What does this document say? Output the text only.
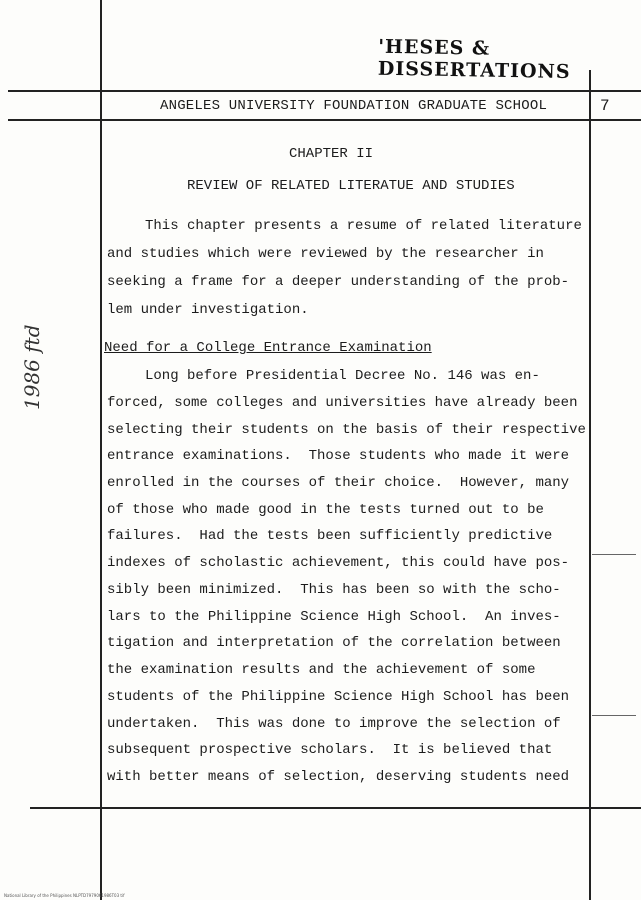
'HESES & DISSERTATIONS
ANGELES UNIVERSITY FOUNDATION GRADUATE SCHOOL	7
CHAPTER II
REVIEW OF RELATED LITERATUE AND STUDIES
This chapter presents a resume of related literature
and studies which were reviewed by the researcher in
seeking a frame for a deeper understanding of the prob-
lem under investigation.
Need for a College Entrance Examination
Long before Presidential Decree No. 146 was en-
forced, some colleges and universities have already been
selecting their students on the basis of their respective
entrance examinations.  Those students who made it were
enrolled in the courses of their choice.  However, many
of those who made good in the tests turned out to be
failures.  Had the tests been sufficiently predictive
indexes of scholastic achievement, this could have pos-
sibly been minimized.  This has been so with the scho-
lars to the Philippine Science High School.  An inves-
tigation and interpretation of the correlation between
the examination results and the achievement of some
students of the Philippine Science High School has been
undertaken.  This was done to improve the selection of
subsequent prospective scholars.  It is believed that
with better means of selection, deserving students need
1986 ftd
National Library of the Philippines NLPTD7979061986T03 tif
